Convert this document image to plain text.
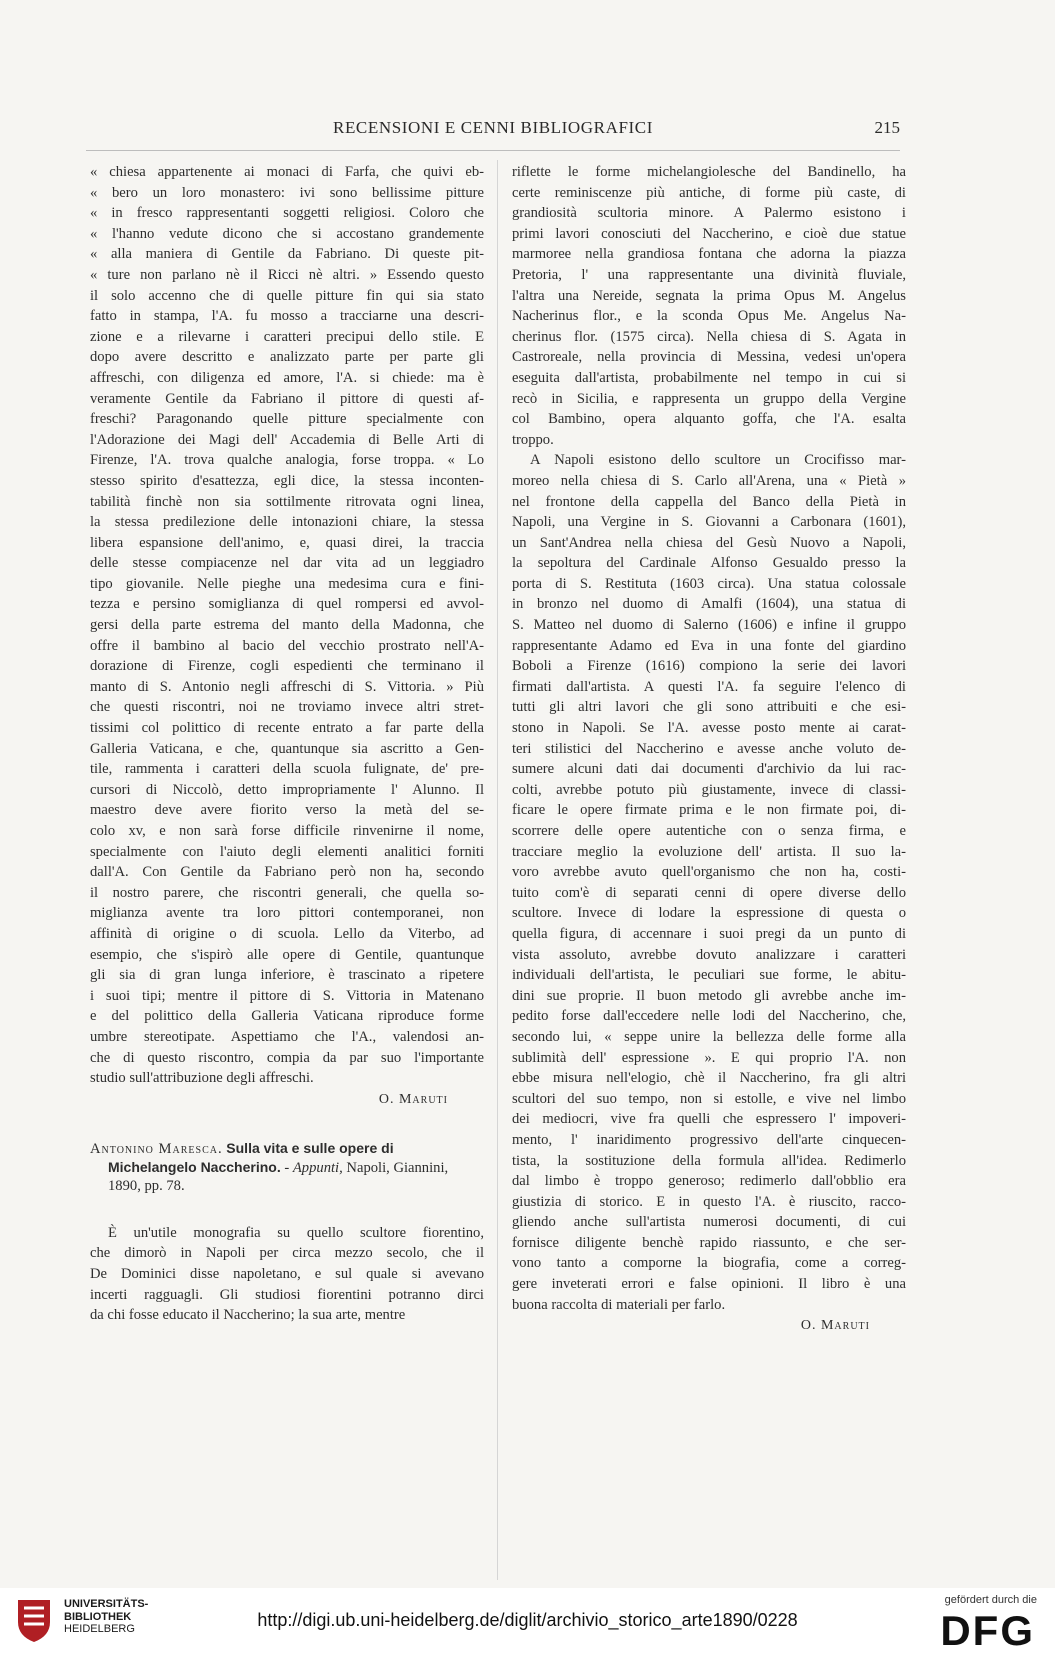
RECENSIONI E CENNI BIBLIOGRAFICI	215
« chiesa appartenente ai monaci di Farfa, che quivi eb-
« bero un loro monastero: ivi sono bellissime pitture
« in fresco rappresentanti soggetti religiosi. Coloro che
« l'hanno vedute dicono che si accostano grandemente
« alla maniera di Gentile da Fabriano. Di queste pit-
« ture non parlano nè il Ricci nè altri. » Essendo questo
il solo accenno che di quelle pitture fin qui sia stato
fatto in stampa, l'A. fu mosso a tracciarne una descri-
zione e a rilevarne i caratteri precipui dello stile. E
dopo avere descritto e analizzato parte per parte gli
affreschi, con diligenza ed amore, l'A. si chiede: ma è
veramente Gentile da Fabriano il pittore di questi af-
freschi? Paragonando quelle pitture specialmente con
l'Adorazione dei Magi dell' Accademia di Belle Arti di
Firenze, l'A. trova qualche analogia, forse troppa. « Lo
stesso spirito d'esattezza, egli dice, la stessa inconten-
tabilità finchè non sia sottilmente ritrovata ogni linea,
la stessa predilezione delle intonazioni chiare, la stessa
libera espansione dell'animo, e, quasi direi, la traccia
delle stesse compiacenze nel dar vita ad un leggiadro
tipo giovanile. Nelle pieghe una medesima cura e fini-
tezza e persino somiglianza di quel rompersi ed avvol-
gersi della parte estrema del manto della Madonna, che
offre il bambino al bacio del vecchio prostrato nell'A-
dorazione di Firenze, cogli espedienti che terminano il
manto di S. Antonio negli affreschi di S. Vittoria. » Più
che questi riscontri, noi ne troviamo invece altri stret-
tissimi col polittico di recente entrato a far parte della
Galleria Vaticana, e che, quantunque sia ascritto a Gen-
tile, rammenta i caratteri della scuola fulignate, de' pre-
cursori di Niccolò, detto impropriamente l' Alunno. Il
maestro deve avere fiorito verso la metà del se-
colo xv, e non sarà forse difficile rinvenirne il nome,
specialmente con l'aiuto degli elementi analitici forniti
dall'A. Con Gentile da Fabriano però non ha, secondo
il nostro parere, che riscontri generali, che quella so-
miglianza avente tra loro pittori contemporanei, non
affinità di origine o di scuola. Lello da Viterbo, ad
esempio, che s'ispirò alle opere di Gentile, quantunque
gli sia di gran lunga inferiore, è trascinato a ripetere
i suoi tipi; mentre il pittore di S. Vittoria in Matenano
e del polittico della Galleria Vaticana riproduce forme
umbre stereotipate. Aspettiamo che l'A., valendosi an-
che di questo riscontro, compia da par suo l'importante
studio sull'attribuzione degli affreschi.
O. Maruti
Antonino Maresca. Sulla vita e sulle opere di Michelangelo Naccherino. - Appunti, Napoli, Giannini, 1890, pp. 78.
È un'utile monografia su quello scultore fiorentino,
che dimorò in Napoli per circa mezzo secolo, che il
De Dominici disse napoletano, e sul quale si avevano
incerti ragguagli. Gli studiosi fiorentini potranno dirci
da chi fosse educato il Naccherino; la sua arte, mentre
riflette le forme michelangiolesche del Bandinello, ha
certe reminiscenze più antiche, di forme più caste, di
grandiosità scultoria minore. A Palermo esistono i
primi lavori conosciuti del Naccherino, e cioè due statue
marmoree nella grandiosa fontana che adorna la piazza
Pretoria, l' una rappresentante una divinità fluviale,
l'altra una Nereide, segnata la prima Opus M. Angelus
Nacherinus flor., e la sconda Opus Me. Angelus Na-
cherinus flor. (1575 circa). Nella chiesa di S. Agata in
Castroreale, nella provincia di Messina, vedesi un'opera
eseguita dall'artista, probabilmente nel tempo in cui si
recò in Sicilia, e rappresenta un gruppo della Vergine
col Bambino, opera alquanto goffa, che l'A. esalta
troppo.
A Napoli esistono dello scultore un Crocifisso mar-
moreo nella chiesa di S. Carlo all'Arena, una « Pietà »
nel frontone della cappella del Banco della Pietà in
Napoli, una Vergine in S. Giovanni a Carbonara (1601),
un Sant'Andrea nella chiesa del Gesù Nuovo a Napoli,
la sepoltura del Cardinale Alfonso Gesualdo presso la
porta di S. Restituta (1603 circa). Una statua colossale
in bronzo nel duomo di Amalfi (1604), una statua di
S. Matteo nel duomo di Salerno (1606) e infine il gruppo
rappresentante Adamo ed Eva in una fonte del giardino
Boboli a Firenze (1616) compiono la serie dei lavori
firmati dall'artista. A questi l'A. fa seguire l'elenco di
tutti gli altri lavori che gli sono attribuiti e che esi-
stono in Napoli. Se l'A. avesse posto mente ai carat-
teri stilistici del Naccherino e avesse anche voluto de-
sumere alcuni dati dai documenti d'archivio da lui rac-
colti, avrebbe potuto più giustamente, invece di classi-
ficare le opere firmate prima e le non firmate poi, di-
scorrere delle opere autentiche con o senza firma, e
tracciare meglio la evoluzione dell' artista. Il suo la-
voro avrebbe avuto quell'organismo che non ha, costi-
tuito com'è di separati cenni di opere diverse dello
scultore. Invece di lodare la espressione di questa o
quella figura, di accennare i suoi pregi da un punto di
vista assoluto, avrebbe dovuto analizzare i caratteri
individuali dell'artista, le peculiari sue forme, le abitu-
dini sue proprie. Il buon metodo gli avrebbe anche im-
pedito forse dall'eccedere nelle lodi del Naccherino, che,
secondo lui, « seppe unire la bellezza delle forme alla
sublimità dell' espressione ». E qui proprio l'A. non
ebbe misura nell'elogio, chè il Naccherino, fra gli altri
scultori del suo tempo, non si estolle, e vive nel limbo
dei mediocri, vive fra quelli che espressero l' impoveri-
mento, l' inaridimento progressivo dell'arte cinquecen-
tista, la sostituzione della formula all'idea. Redimerlo
dal limbo è troppo generoso; redimerlo dall'obblio era
giustizia di storico. E in questo l'A. è riuscito, racco-
gliendo anche sull'artista numerosi documenti, di cui
fornisce diligente benchè rapido riassunto, e che ser-
vono tanto a comporne la biografia, come a correg-
gere inveterati errori e false opinioni. Il libro è una
buona raccolta di materiali per farlo.
O. Maruti
UNIVERSITÄTS-
BIBLIOTHEK
HEIDELBERG	http://digi.ub.uni-heidelberg.de/diglit/archivio_storico_arte1890/0228
gefördert durch die
DFG
